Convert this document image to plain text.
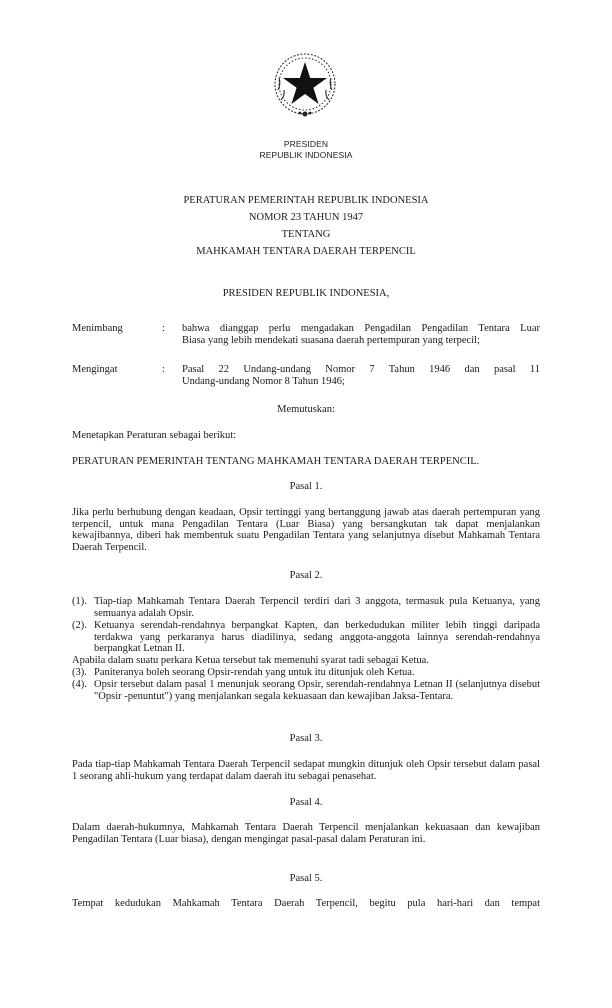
PRESIDEN
REPUBLIK INDONESIA
PERATURAN PEMERINTAH REPUBLIK INDONESIA
NOMOR 23 TAHUN 1947
TENTANG
MAHKAMAH TENTARA DAERAH TERPENCIL
PRESIDEN REPUBLIK INDONESIA,
Menimbang	:	bahwa dianggap perlu mengadakan Pengadilan Pengadilan Tentara Luar
Biasa yang lebih mendekati suasana daerah pertempuran yang terpecil;
Mengingat	:	Pasal 22 Undang-undang Nomor 7 Tahun 1946 dan pasal 11
Undang-undang Nomor 8 Tahun 1946;
Memutuskan:
Menetapkan Peraturan sebagai berikut:
PERATURAN PEMERINTAH TENTANG MAHKAMAH TENTARA DAERAH TERPENCIL.
Pasal 1.
Jika perlu berhubung dengan keadaan, Opsir tertinggi yang bertanggung jawab atas daerah pertempuran yang terpencil, untuk mana Pengadilan Tentara (Luar Biasa) yang bersangkutan tak dapat menjalankan kewajibannya, diberi hak membentuk suatu Pengadilan Tentara yang selanjutnya disebut Mahkamah Tentara Daerah Terpencil.
Pasal 2.
(1). Tiap-tiap Mahkamah Tentara Daerah Terpencil terdiri dari 3 anggota, termasuk pula Ketuanya, yang semuanya adalah Opsir.
(2). Ketuanya serendah-rendahnya berpangkat Kapten, dan berkedudukan militer lebih tinggi daripada terdakwa yang perkaranya harus diadilinya, sedang anggota-anggota lainnya serendah-rendahnya berpangkat Letnan II.
Apabila dalam suatu perkara Ketua tersebut tak memenuhi syarat tadi sebagai Ketua.
(3). Paniteranya boleh seorang Opsir-rendah yang untuk itu ditunjuk oleh Ketua.
(4). Opsir tersebut dalam pasal 1 menunjuk seorang Opsir, serendah-rendahnya Letnan II (selanjutnya disebut "Opsir -penuntut") yang menjalankan segala kekuasaan dan kewajiban Jaksa-Tentara.
Pasal 3.
Pada tiap-tiap Mahkamah Tentara Daerah Terpencil sedapat mungkin ditunjuk oleh Opsir tersebut dalam pasal 1 seorang ahli-hukum yang terdapat dalam daerah itu sebagai penasehat.
Pasal 4.
Dalam daerah-hukumnya, Mahkamah Tentara Daerah Terpencil menjalankan kekuasaan dan kewajiban Pengadilan Tentara (Luar biasa), dengan mengingat pasal-pasal dalam Peraturan ini.
Pasal 5.
Tempat kedudukan Mahkamah Tentara Daerah Terpencil, begitu pula hari-hari dan tempat
